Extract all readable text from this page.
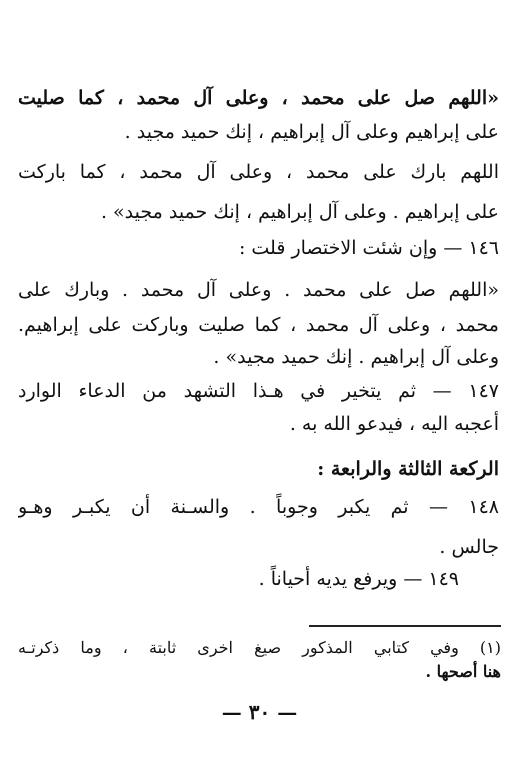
«اللهم صل على محمد ، وعلى آل محمد ، كما صليت
على إبراهيم وعلى آل إبراهيم ، إنك حميد مجيد .
اللهم بارك على محمد ، وعلى آل محمد ، كما باركت
على إبراهيم . وعلى آل إبراهيم ، إنك حميد مجيد» .
١٤٦ — وإن شئت الاختصار قلت :
«اللهم صل على محمد . وعلى آل محمد . وبارك على
محمد ، وعلى آل محمد ، كما صليت وباركت على إبراهيم.
وعلى آل إبراهيم . إنك حميد مجيد» .
١٤٧ — ثم يتخير في هـذا التشهد من الدعاء الوارد
أعجبه اليه ، فيدعو الله به .
الركعة الثالثة والرابعة :
١٤٨ — ثم يكبر وجوباً . والسـنة أن يكبـر وهـو
جالس .
١٤٩ — ويرفع يديه أحياناً .
(١) وفي كتابي المذكور صيغ اخرى ثابتة ، وما ذكرتـه
هنا أصحها .
— ٣٠ —
